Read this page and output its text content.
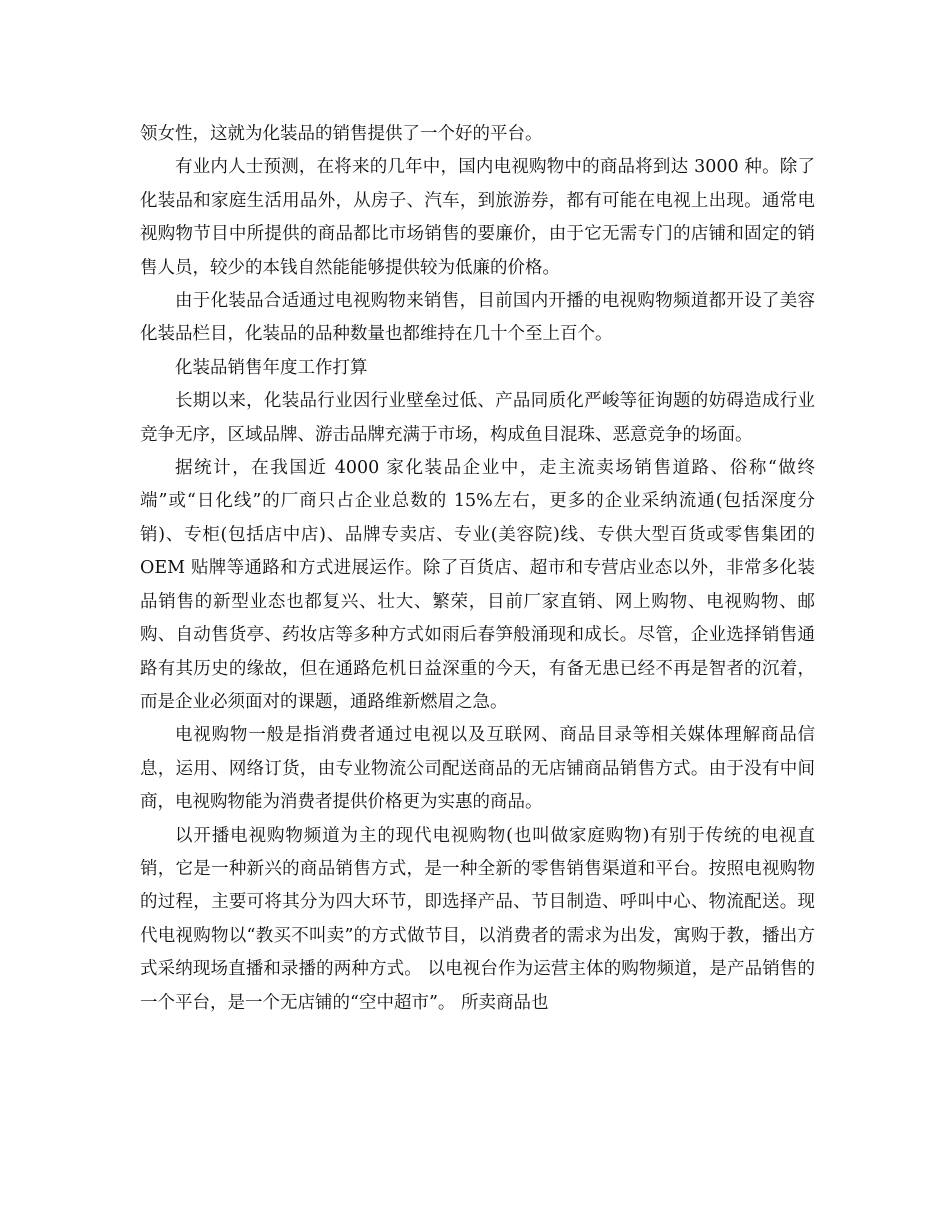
领女性，这就为化装品的销售提供了一个好的平台。

有业内人士预测，在将来的几年中，国内电视购物中的商品将到达 3000 种。除了化装品和家庭生活用品外，从房子、汽车，到旅游券，都有可能在电视上出现。通常电视购物节目中所提供的商品都比市场销售的要廉价，由于它无需专门的店铺和固定的销售人员，较少的本钱自然能能够提供较为低廉的价格。

由于化装品合适通过电视购物来销售，目前国内开播的电视购物频道都开设了美容化装品栏目，化装品的品种数量也都维持在几十个至上百个。

化装品销售年度工作打算

长期以来，化装品行业因行业壁垒过低、产品同质化严峻等征询题的妨碍造成行业竞争无序，区域品牌、游击品牌充满于市场，构成鱼目混珠、恶意竞争的场面。

据统计，在我国近 4000 家化装品企业中，走主流卖场销售道路、俗称“做终端”或“日化线”的厂商只占企业总数的 15%左右，更多的企业采纳流通(包括深度分销)、专柜(包括店中店)、品牌专卖店、专业(美容院)线、专供大型百货或零售集团的 OEM 贴牌等通路和方式进展运作。除了百货店、超市和专营店业态以外，非常多化装品销售的新型业态也都复兴、壮大、繁荣，目前厂家直销、网上购物、电视购物、邮购、自动售货亭、药妆店等多种方式如雨后春笋般涌现和成长。尽管，企业选择销售通路有其历史的缘故，但在通路危机日益深重的今天，有备无患已经不再是智者的沉着，而是企业必须面对的课题，通路维新燃眉之急。

电视购物一般是指消费者通过电视以及互联网、商品目录等相关媒体理解商品信息，运用、网络订货，由专业物流公司配送商品的无店铺商品销售方式。由于没有中间商，电视购物能为消费者提供价格更为实惠的商品。

以开播电视购物频道为主的现代电视购物(也叫做家庭购物)有别于传统的电视直销，它是一种新兴的商品销售方式，是一种全新的零售销售渠道和平台。按照电视购物的过程，主要可将其分为四大环节，即选择产品、节目制造、呼叫中心、物流配送。现代电视购物以“教买不叫卖”的方式做节目，以消费者的需求为出发，寓购于教，播出方式采纳现场直播和录播的两种方式。 以电视台作为运营主体的购物频道，是产品销售的一个平台，是一个无店铺的“空中超市”。 所卖商品也
